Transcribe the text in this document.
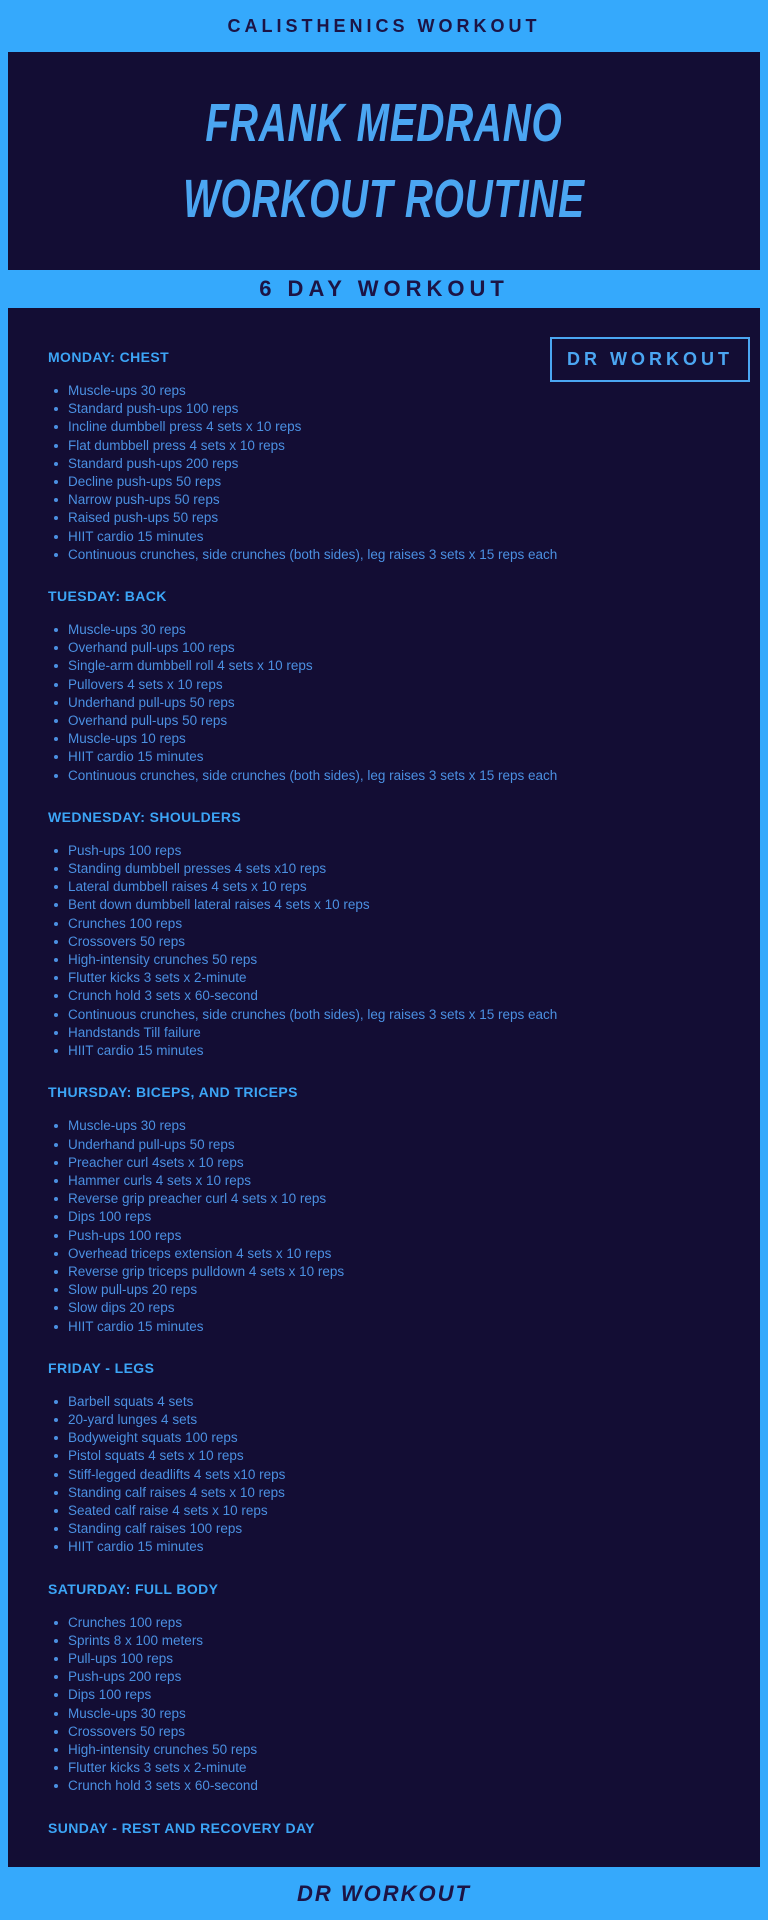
CALISTHENICS WORKOUT
FRANK MEDRANO
WORKOUT ROUTINE
6 DAY WORKOUT
DR WORKOUT
MONDAY: CHEST
Muscle-ups 30 reps
Standard push-ups 100 reps
Incline dumbbell press 4 sets x 10 reps
Flat dumbbell press 4 sets x 10 reps
Standard push-ups 200 reps
Decline push-ups 50 reps
Narrow push-ups 50 reps
Raised push-ups 50 reps
HIIT cardio 15 minutes
Continuous crunches, side crunches (both sides), leg raises 3 sets x 15 reps each
TUESDAY: BACK
Muscle-ups 30 reps
Overhand pull-ups 100 reps
Single-arm dumbbell roll 4 sets x 10 reps
Pullovers 4 sets x 10 reps
Underhand pull-ups 50 reps
Overhand pull-ups 50 reps
Muscle-ups 10 reps
HIIT cardio 15 minutes
Continuous crunches, side crunches (both sides), leg raises 3 sets x 15 reps each
WEDNESDAY: SHOULDERS
Push-ups 100 reps
Standing dumbbell presses 4 sets x10 reps
Lateral dumbbell raises 4 sets x 10 reps
Bent down dumbbell lateral raises 4 sets x 10 reps
Crunches 100 reps
Crossovers 50 reps
High-intensity crunches 50 reps
Flutter kicks 3 sets x 2-minute
Crunch hold 3 sets x 60-second
Continuous crunches, side crunches (both sides), leg raises 3 sets x 15 reps each
Handstands Till failure
HIIT cardio 15 minutes
THURSDAY: BICEPS, AND TRICEPS
Muscle-ups 30 reps
Underhand pull-ups 50 reps
Preacher curl 4sets x 10 reps
Hammer curls 4 sets x 10 reps
Reverse grip preacher curl 4 sets x 10 reps
Dips 100 reps
Push-ups 100 reps
Overhead triceps extension 4 sets x 10 reps
Reverse grip triceps pulldown 4 sets x 10 reps
Slow pull-ups 20 reps
Slow dips 20 reps
HIIT cardio 15 minutes
FRIDAY - LEGS
Barbell squats 4 sets
20-yard lunges 4 sets
Bodyweight squats 100 reps
Pistol squats 4 sets x 10 reps
Stiff-legged deadlifts 4 sets x10 reps
Standing calf raises 4 sets x 10 reps
Seated calf raise 4 sets x 10 reps
Standing calf raises 100 reps
HIIT cardio 15 minutes
SATURDAY: FULL BODY
Crunches 100 reps
Sprints 8 x 100 meters
Pull-ups 100 reps
Push-ups 200 reps
Dips 100 reps
Muscle-ups 30 reps
Crossovers 50 reps
High-intensity crunches 50 reps
Flutter kicks 3 sets x 2-minute
Crunch hold 3 sets x 60-second
SUNDAY - REST AND RECOVERY DAY
DR WORKOUT
